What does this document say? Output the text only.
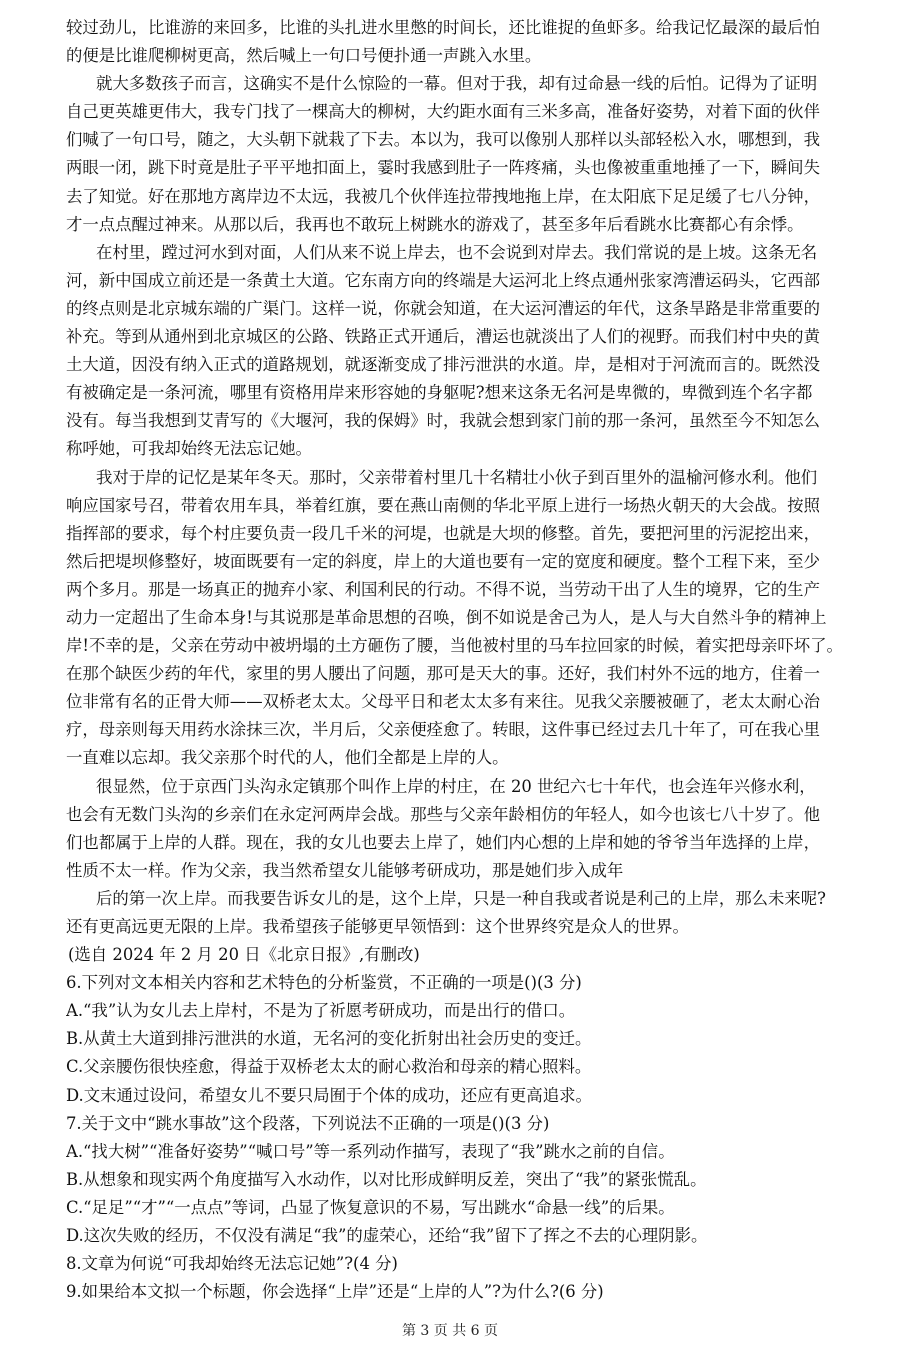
较过劲儿，比谁游的来回多，比谁的头扎进水里憋的时间长，还比谁捉的鱼虾多。给我记忆最深的最后怕
的便是比谁爬柳树更高，然后喊上一句口号便扑通一声跳入水里。
就大多数孩子而言，这确实不是什么惊险的一幕。但对于我，却有过命悬一线的后怕。记得为了证明
自己更英雄更伟大，我专门找了一棵高大的柳树，大约距水面有三米多高，准备好姿势，对着下面的伙伴
们喊了一句口号，随之，大头朝下就栽了下去。本以为，我可以像别人那样以头部轻松入水，哪想到，我
两眼一闭，跳下时竟是肚子平平地扣面上，霎时我感到肚子一阵疼痛，头也像被重重地捶了一下，瞬间失
去了知觉。好在那地方离岸边不太远，我被几个伙伴连拉带拽地拖上岸，在太阳底下足足缓了七八分钟，
才一点点醒过神来。从那以后，我再也不敢玩上树跳水的游戏了，甚至多年后看跳水比赛都心有余悸。
在村里，蹚过河水到对面，人们从来不说上岸去，也不会说到对岸去。我们常说的是上坡。这条无名
河，新中国成立前还是一条黄土大道。它东南方向的终端是大运河北上终点通州张家湾漕运码头，它西部
的终点则是北京城东端的广渠门。这样一说，你就会知道，在大运河漕运的年代，这条旱路是非常重要的
补充。等到从通州到北京城区的公路、铁路正式开通后，漕运也就淡出了人们的视野。而我们村中央的黄
土大道，因没有纳入正式的道路规划，就逐渐变成了排污泄洪的水道。岸，是相对于河流而言的。既然没
有被确定是一条河流，哪里有资格用岸来形容她的身躯呢?想来这条无名河是卑微的，卑微到连个名字都
没有。每当我想到艾青写的《大堰河，我的保姆》时，我就会想到家门前的那一条河，虽然至今不知怎么
称呼她，可我却始终无法忘记她。
我对于岸的记忆是某年冬天。那时，父亲带着村里几十名精壮小伙子到百里外的温榆河修水利。他们
响应国家号召，带着农用车具，举着红旗，要在燕山南侧的华北平原上进行一场热火朝天的大会战。按照
指挥部的要求，每个村庄要负责一段几千米的河堤，也就是大坝的修整。首先，要把河里的污泥挖出来，
然后把堤坝修整好，坡面既要有一定的斜度，岸上的大道也要有一定的宽度和硬度。整个工程下来，至少
两个多月。那是一场真正的抛弃小家、利国利民的行动。不得不说，当劳动干出了人生的境界，它的生产
动力一定超出了生命本身!与其说那是革命思想的召唤，倒不如说是舍己为人，是人与大自然斗争的精神上
岸!不幸的是，父亲在劳动中被坍塌的土方砸伤了腰，当他被村里的马车拉回家的时候，着实把母亲吓坏了。
在那个缺医少药的年代，家里的男人腰出了问题，那可是天大的事。还好，我们村外不远的地方，住着一
位非常有名的正骨大师——双桥老太太。父母平日和老太太多有来往。见我父亲腰被砸了，老太太耐心治
疗，母亲则每天用药水涂抹三次，半月后，父亲便痊愈了。转眼，这件事已经过去几十年了，可在我心里
一直难以忘却。我父亲那个时代的人，他们全都是上岸的人。
很显然，位于京西门头沟永定镇那个叫作上岸的村庄，在 20 世纪六七十年代，也会连年兴修水利，
也会有无数门头沟的乡亲们在永定河两岸会战。那些与父亲年龄相仿的年轻人，如今也该七八十岁了。他
们也都属于上岸的人群。现在，我的女儿也要去上岸了，她们内心想的上岸和她的爷爷当年选择的上岸，
性质不太一样。作为父亲，我当然希望女儿能够考研成功，那是她们步入成年
后的第一次上岸。而我要告诉女儿的是，这个上岸，只是一种自我或者说是利己的上岸，那么未来呢?
还有更高远更无限的上岸。我希望孩子能够更早领悟到：这个世界终究是众人的世界。
(选自 2024 年 2 月 20 日《北京日报》,有删改)
6.下列对文本相关内容和艺术特色的分析鉴赏，不正确的一项是()(3 分)
A.“我”认为女儿去上岸村，不是为了祈愿考研成功，而是出行的借口。
B.从黄土大道到排污泄洪的水道，无名河的变化折射出社会历史的变迁。
C.父亲腰伤很快痊愈，得益于双桥老太太的耐心救治和母亲的精心照料。
D.文末通过设问，希望女儿不要只局囿于个体的成功，还应有更高追求。
7.关于文中“跳水事故”这个段落，下列说法不正确的一项是()(3 分)
A.“找大树”“准备好姿势”“喊口号”等一系列动作描写，表现了“我”跳水之前的自信。
B.从想象和现实两个角度描写入水动作，以对比形成鲜明反差，突出了“我”的紧张慌乱。
C.“足足”“才”“一点点”等词，凸显了恢复意识的不易，写出跳水“命悬一线”的后果。
D.这次失败的经历，不仅没有满足“我”的虚荣心，还给“我”留下了挥之不去的心理阴影。
8.文章为何说“可我却始终无法忘记她”?(4 分)
9.如果给本文拟一个标题，你会选择“上岸”还是“上岸的人”?为什么?(6 分)
第 3 页 共 6 页
